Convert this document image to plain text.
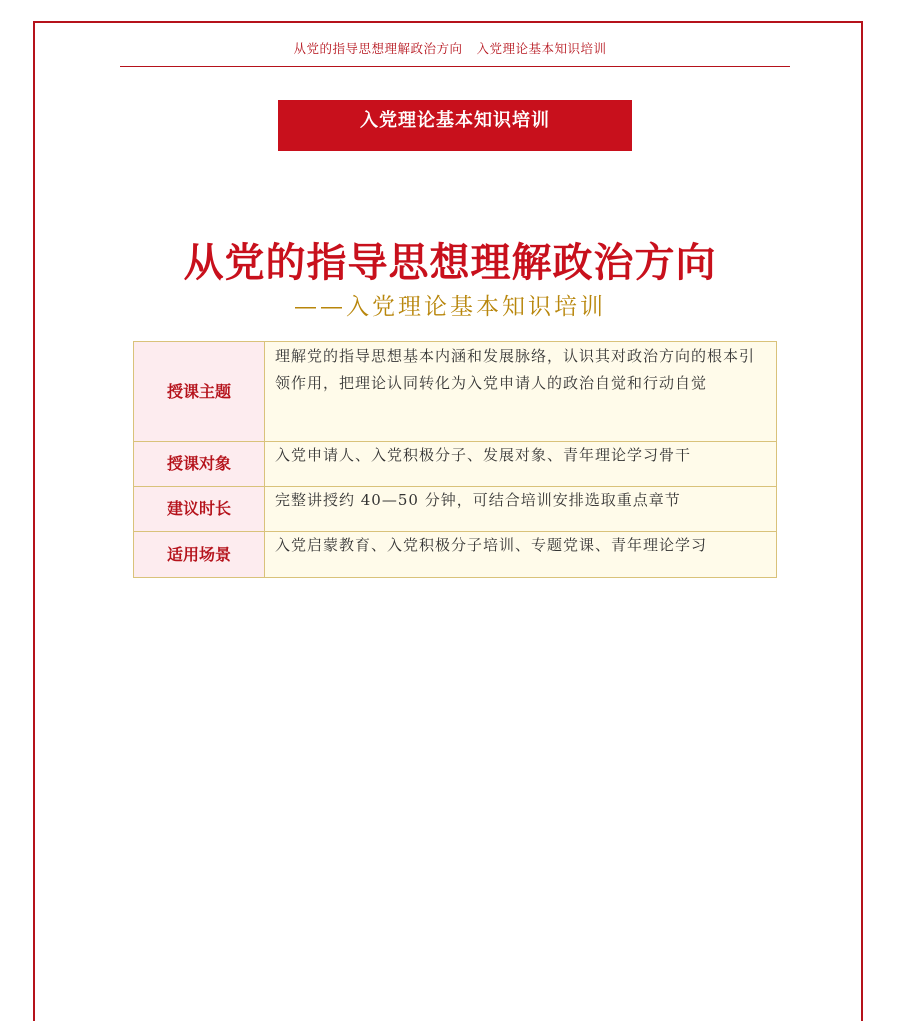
从党的指导思想理解政治方向 入党理论基本知识培训
入党理论基本知识培训
从党的指导思想理解政治方向
——入党理论基本知识培训
授课主题	理解党的指导思想基本内涵和发展脉络，认识其对政治方向的根本引领作用，把理论认同转化为入党申请人的政治自觉和行动自觉
授课对象	入党申请人、入党积极分子、发展对象、青年理论学习骨干
建议时长	完整讲授约 40—50 分钟，可结合培训安排选取重点章节
适用场景	入党启蒙教育、入党积极分子培训、专题党课、青年理论学习
